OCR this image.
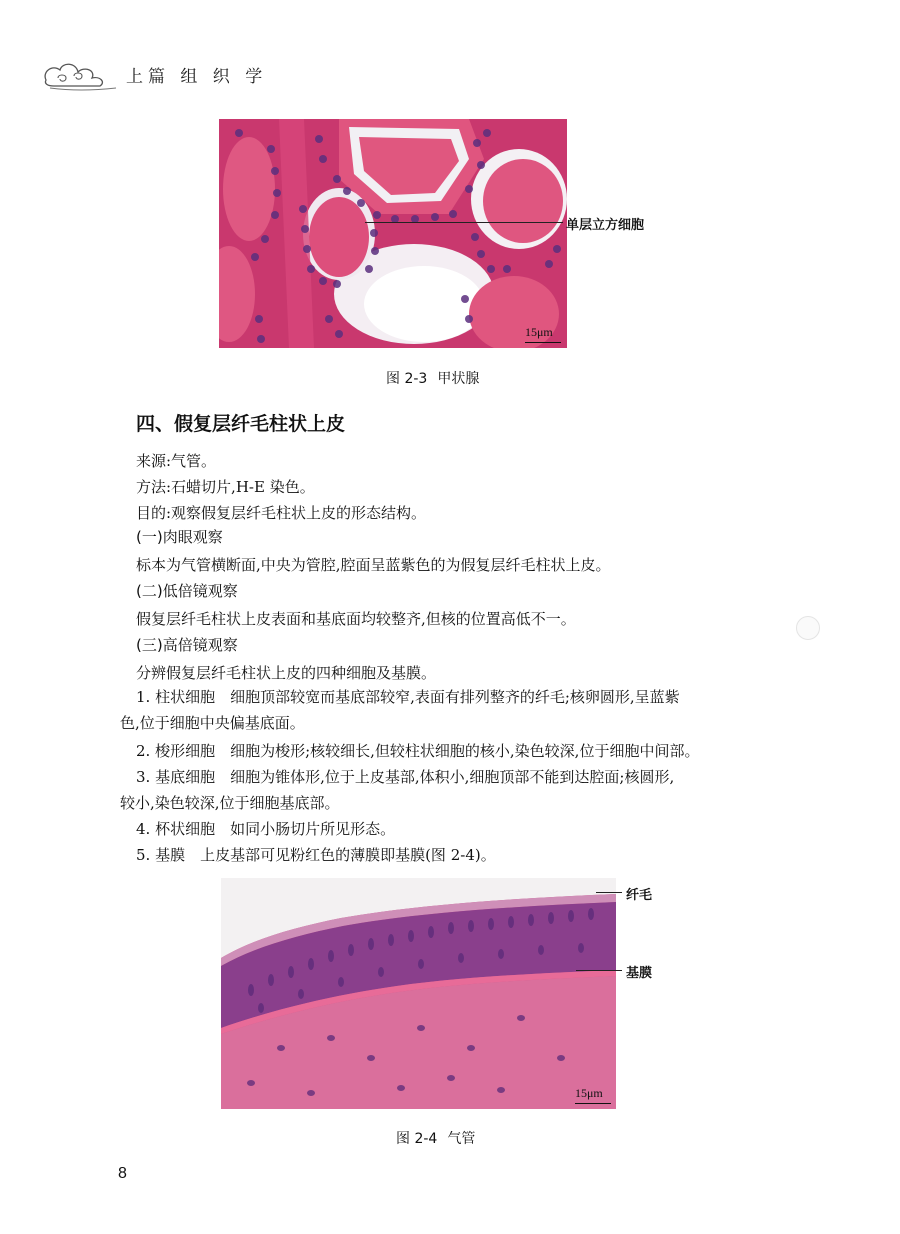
上篇 组 织 学
15μm
单层立方细胞
图 2-3 甲状腺
四、假复层纤毛柱状上皮
来源:气管。
方法:石蜡切片,H-E 染色。
目的:观察假复层纤毛柱状上皮的形态结构。
(一)肉眼观察
标本为气管横断面,中央为管腔,腔面呈蓝紫色的为假复层纤毛柱状上皮。
(二)低倍镜观察
假复层纤毛柱状上皮表面和基底面均较整齐,但核的位置高低不一。
(三)高倍镜观察
分辨假复层纤毛柱状上皮的四种细胞及基膜。
1. 柱状细胞　细胞顶部较宽而基底部较窄,表面有排列整齐的纤毛;核卵圆形,呈蓝紫
色,位于细胞中央偏基底面。
2. 梭形细胞　细胞为梭形;核较细长,但较柱状细胞的核小,染色较深,位于细胞中间部。
3. 基底细胞　细胞为锥体形,位于上皮基部,体积小,细胞顶部不能到达腔面;核圆形,
较小,染色较深,位于细胞基底部。
4. 杯状细胞　如同小肠切片所见形态。
5. 基膜　上皮基部可见粉红色的薄膜即基膜(图 2-4)。
15μm
纤毛
基膜
图 2-4 气管
8
